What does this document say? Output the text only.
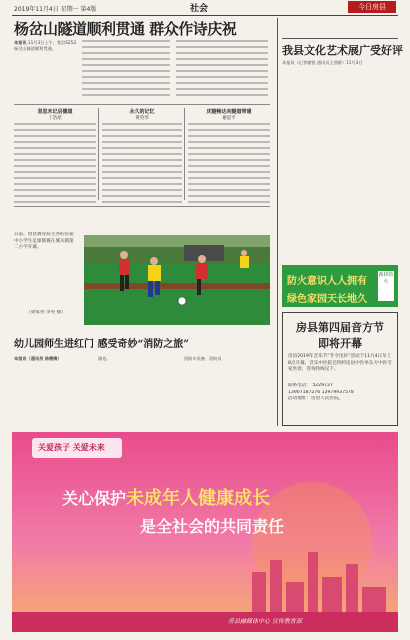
2019年11月4日 星期一 第4版	社会	今日房县
杨岔山隧道顺利贯通 群众作诗庆祝
本报讯 11月3日上午，我县S253杨岔山隧道顺利贯通。
坚思未记启德道
丁浩原
永久的记忆
黄英琴
庆隧畅达向隧道带通
谢思平
日前，由县教育局主办的首届中小学生足球联赛在城关镇第二小学开幕。
（梁家亮 李英 摄）
幼儿园师生进红门 感受奇妙“消防之旅”
本报讯（通讯员 徐嫂梅）	画卷。	消防车装备，消防员
我县文化艺术展广受好评
本报讯（记者谢锐 通讯员王茜群）11月3日
防火意识人人拥有
绿色家园天长地久
森林防火
房县第四届音方节
即将开幕
房县2019年音乐节“冬令送补”活动于11月4日早上8点开幕，音乐中医院还特约房县中医单东方中医专家坐诊，咨询热线见下。
联系电话： 5229727
13907187276 13979937578
活动地址：房县人民医院。
关爱孩子 关爱未来
关心保护未成年人健康成长
是全社会的共同责任
房县融媒体中心 宣传教育部
